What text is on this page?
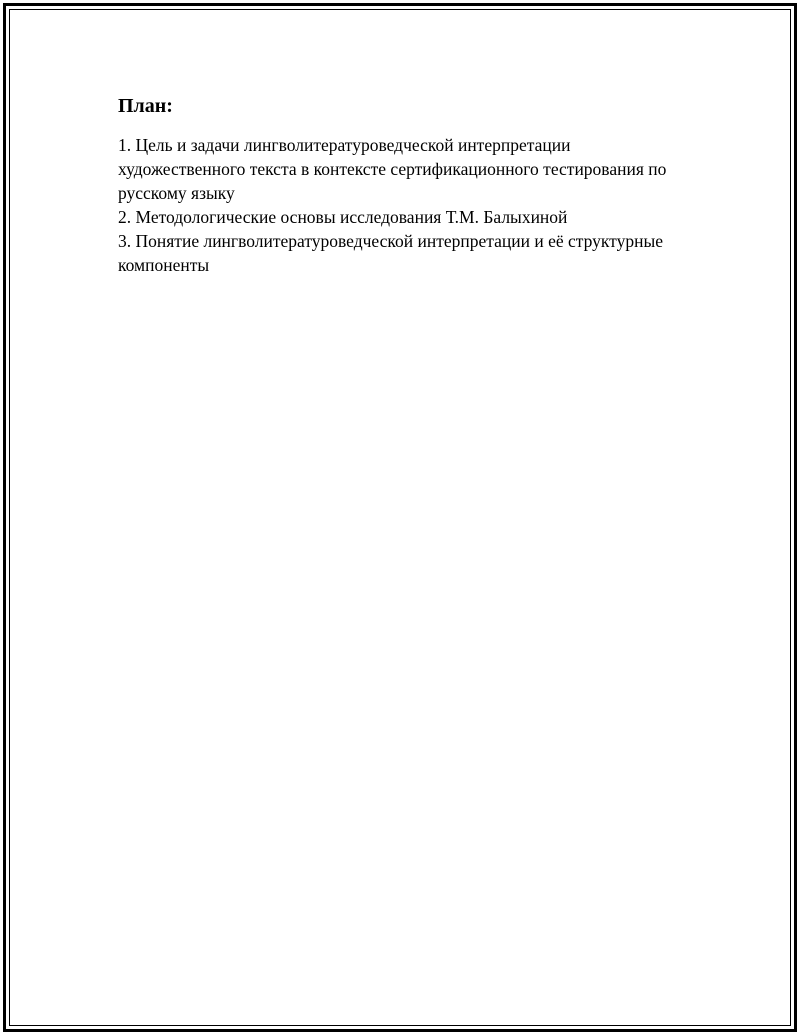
План:
1. Цель и задачи лингволитературоведческой интерпретации художественного текста в контексте сертификационного тестирования по русскому языку
2. Методологические основы исследования Т.М. Балыхиной
3. Понятие лингволитературоведческой интерпретации и её структурные компоненты
